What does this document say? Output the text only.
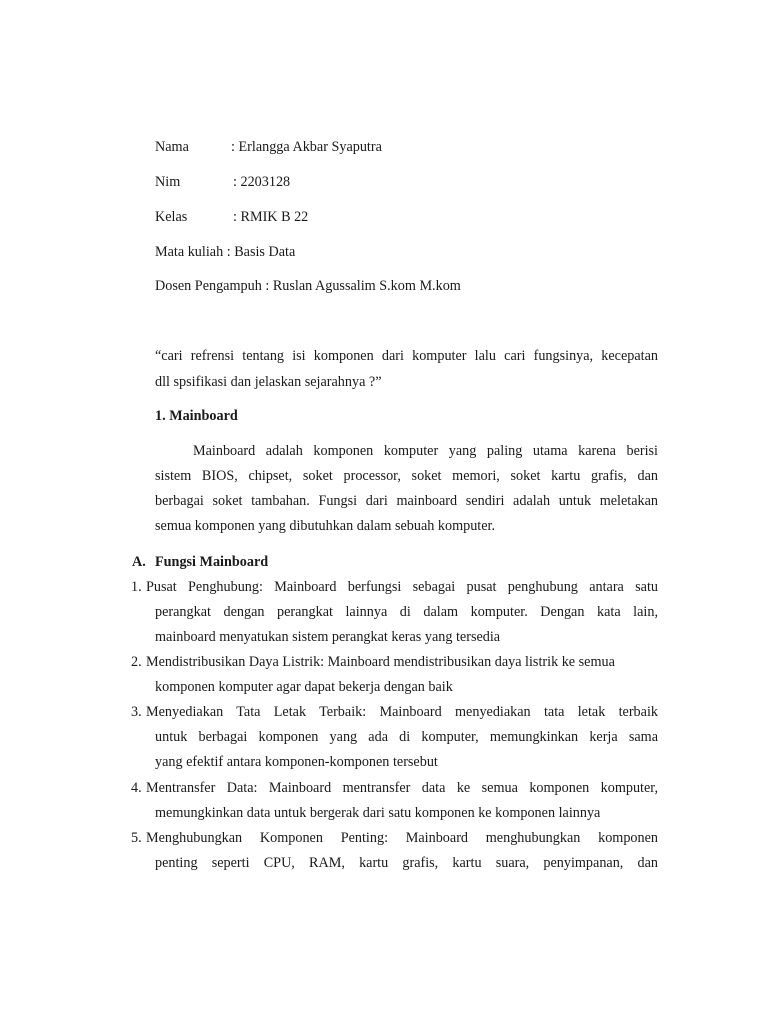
Nama	: Erlangga Akbar Syaputra
Nim	: 2203128
Kelas	: RMIK B 22
Mata kuliah : Basis Data
Dosen Pengampuh : Ruslan Agussalim S.kom M.kom
“cari refrensi tentang isi komponen dari komputer lalu cari fungsinya, kecepatan
dll spsifikasi dan jelaskan sejarahnya ?”
1. Mainboard
Mainboard adalah komponen komputer yang paling utama karena berisi
sistem BIOS, chipset, soket processor, soket memori, soket kartu grafis, dan
berbagai soket tambahan. Fungsi dari mainboard sendiri adalah untuk meletakan
semua komponen yang dibutuhkan dalam sebuah komputer.
A. Fungsi Mainboard
1. Pusat Penghubung: Mainboard berfungsi sebagai pusat penghubung antara satu
perangkat dengan perangkat lainnya di dalam komputer. Dengan kata lain,
mainboard menyatukan sistem perangkat keras yang tersedia
2. Mendistribusikan Daya Listrik: Mainboard mendistribusikan daya listrik ke semua
komponen komputer agar dapat bekerja dengan baik
3. Menyediakan Tata Letak Terbaik: Mainboard menyediakan tata letak terbaik
untuk berbagai komponen yang ada di komputer, memungkinkan kerja sama
yang efektif antara komponen-komponen tersebut
4. Mentransfer Data: Mainboard mentransfer data ke semua komponen komputer,
memungkinkan data untuk bergerak dari satu komponen ke komponen lainnya
5. Menghubungkan Komponen Penting: Mainboard menghubungkan komponen
penting seperti CPU, RAM, kartu grafis, kartu suara, penyimpanan, dan
